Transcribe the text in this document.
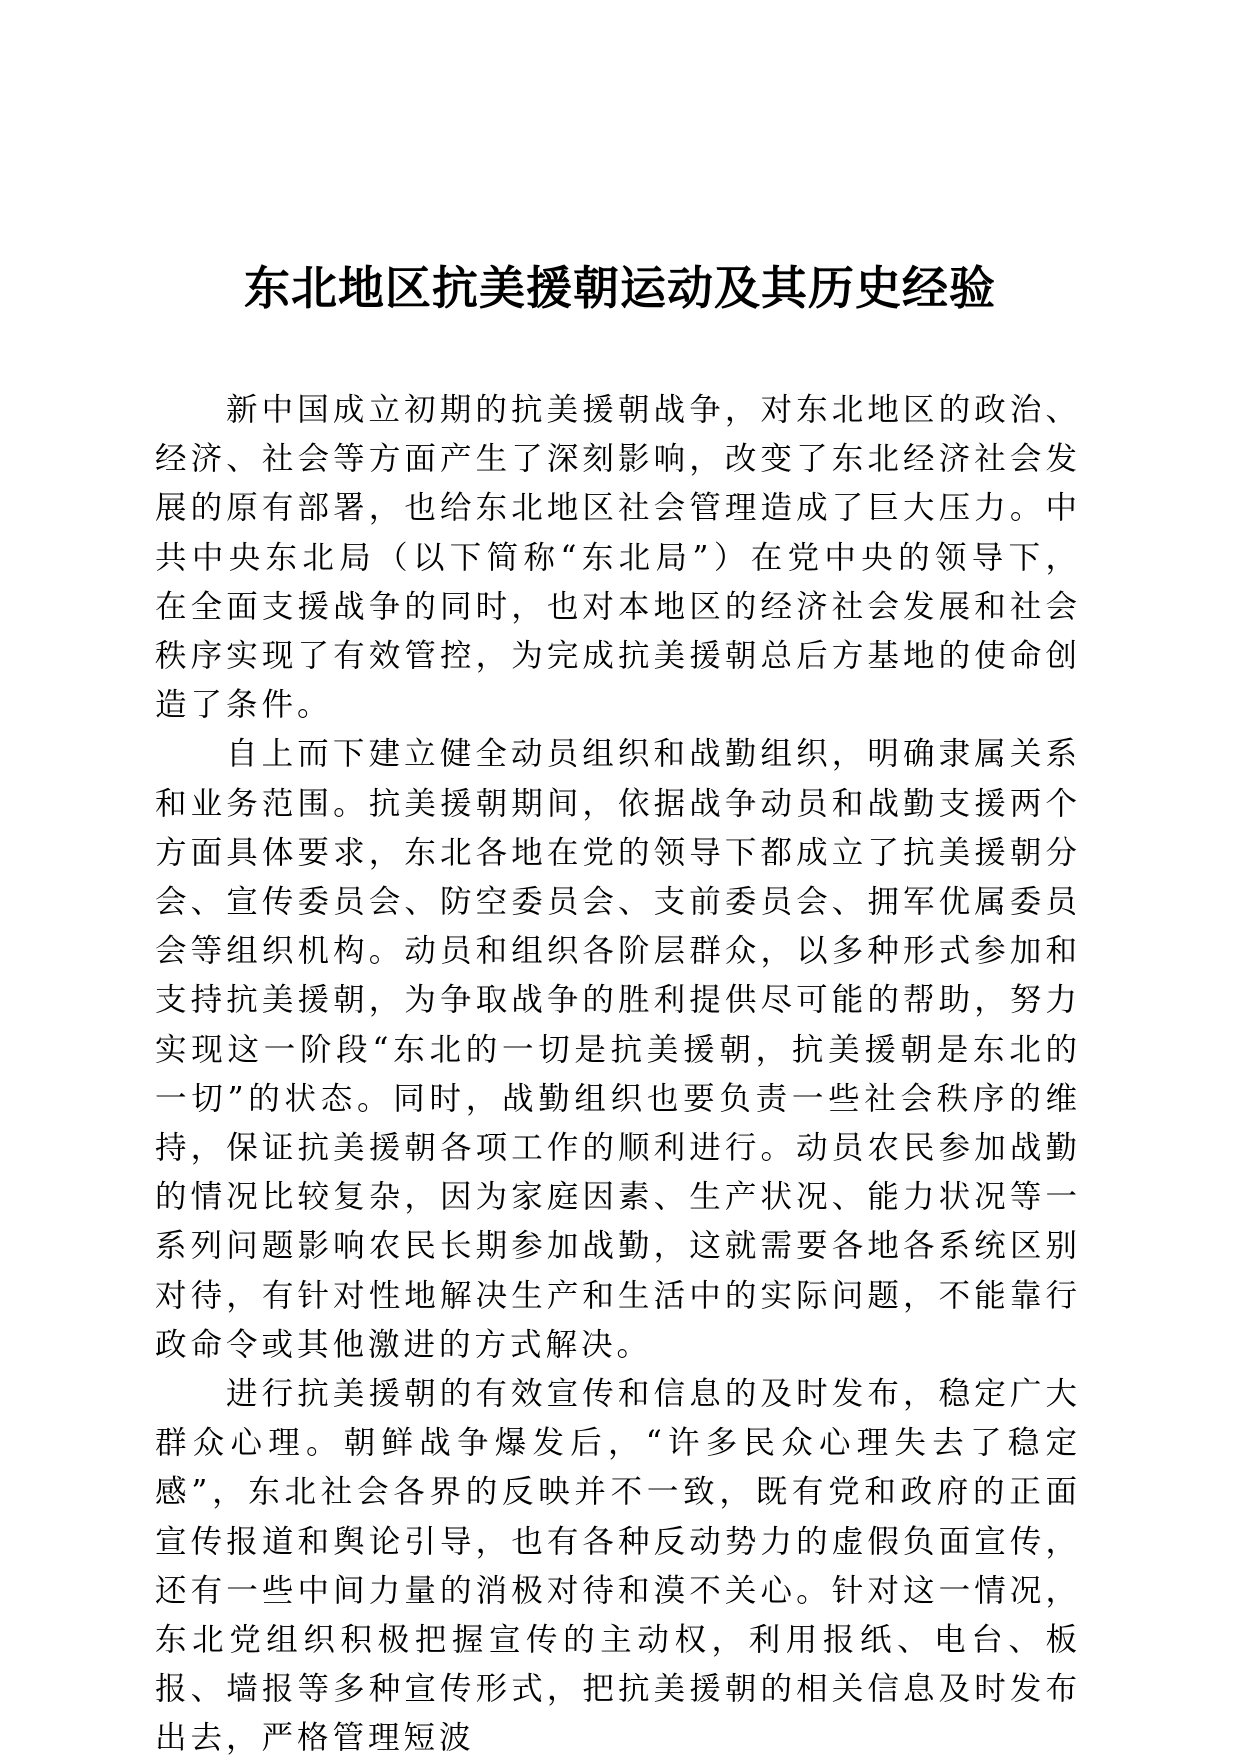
东北地区抗美援朝运动及其历史经验

新中国成立初期的抗美援朝战争，对东北地区的政治、经济、社会等方面产生了深刻影响，改变了东北经济社会发展的原有部署，也给东北地区社会管理造成了巨大压力。中共中央东北局（以下简称“东北局”）在党中央的领导下，在全面支援战争的同时，也对本地区的经济社会发展和社会秩序实现了有效管控，为完成抗美援朝总后方基地的使命创造了条件。

自上而下建立健全动员组织和战勤组织，明确隶属关系和业务范围。抗美援朝期间，依据战争动员和战勤支援两个方面具体要求，东北各地在党的领导下都成立了抗美援朝分会、宣传委员会、防空委员会、支前委员会、拥军优属委员会等组织机构。动员和组织各阶层群众，以多种形式参加和支持抗美援朝，为争取战争的胜利提供尽可能的帮助，努力实现这一阶段“东北的一切是抗美援朝，抗美援朝是东北的一切”的状态。同时，战勤组织也要负责一些社会秩序的维持，保证抗美援朝各项工作的顺利进行。动员农民参加战勤的情况比较复杂，因为家庭因素、生产状况、能力状况等一系列问题影响农民长期参加战勤，这就需要各地各系统区别对待，有针对性地解决生产和生活中的实际问题，不能靠行政命令或其他激进的方式解决。

进行抗美援朝的有效宣传和信息的及时发布，稳定广大群众心理。朝鲜战争爆发后，“许多民众心理失去了稳定感”，东北社会各界的反映并不一致，既有党和政府的正面宣传报道和舆论引导，也有各种反动势力的虚假负面宣传，还有一些中间力量的消极对待和漠不关心。针对这一情况，东北党组织积极把握宣传的主动权，利用报纸、电台、板报、墙报等多种宣传形式，把抗美援朝的相关信息及时发布出去，严格管理短波
